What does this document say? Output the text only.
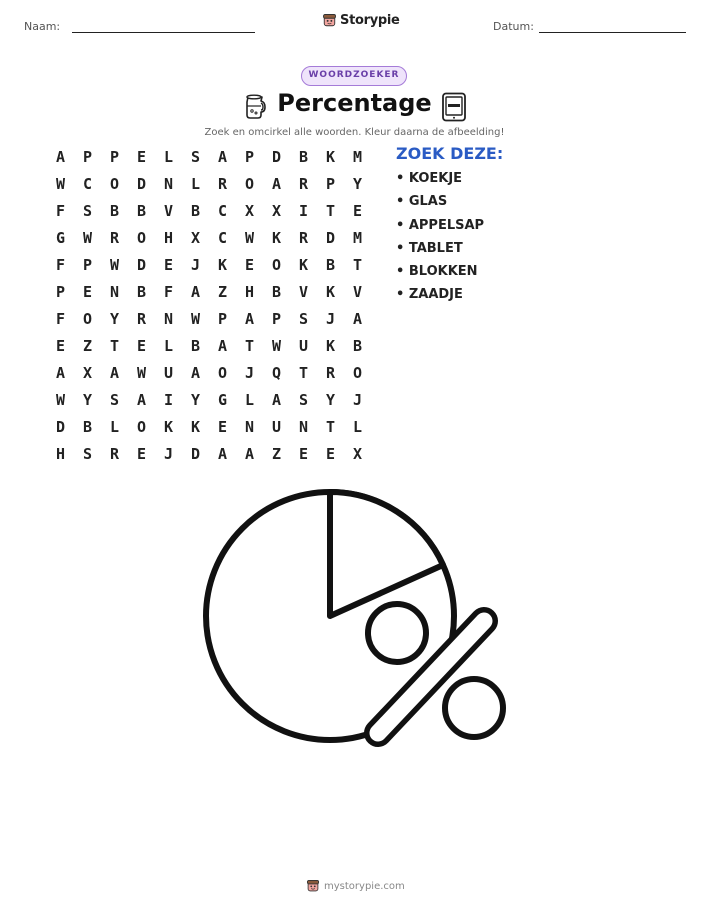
Naam:	Datum:
Storypie
WOORDZOEKER
Percentage
Zoek en omcirkel alle woorden. Kleur daarna de afbeelding!
A	P	P	E	L	S	A	P	D	B	K	M
W	C	O	D	N	L	R	O	A	R	P	Y
F	S	B	B	V	B	C	X	X	I	T	E
G	W	R	O	H	X	C	W	K	R	D	M
F	P	W	D	E	J	K	E	O	K	B	T
P	E	N	B	F	A	Z	H	B	V	K	V
F	O	Y	R	N	W	P	A	P	S	J	A
E	Z	T	E	L	B	A	T	W	U	K	B
A	X	A	W	U	A	O	J	Q	T	R	O
W	Y	S	A	I	Y	G	L	A	S	Y	J
D	B	L	O	K	K	E	N	U	N	T	L
H	S	R	E	J	D	A	A	Z	E	E	X
ZOEK DEZE:
• KOEKJE
• GLAS
• APPELSAP
• TABLET
• BLOKKEN
• ZAADJE
mystorypie.com
